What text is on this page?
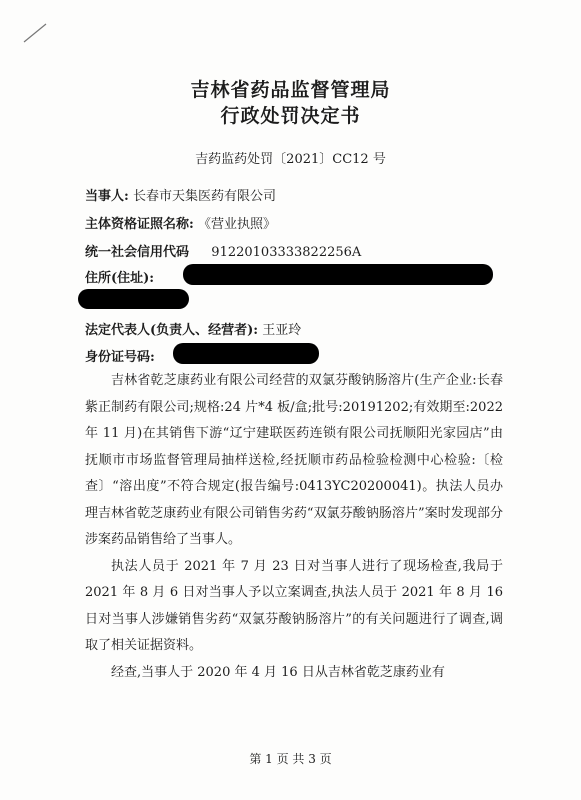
吉林省药品监督管理局
行政处罚决定书
吉药监药处罚〔2021〕CC12 号
当事人: 长春市天集医药有限公司
主体资格证照名称: 《营业执照》
统一社会信用代码 91220103333822256A
住所(住址):
法定代表人(负责人、经营者): 王亚玲
身份证号码:

吉林省乾芝康药业有限公司经营的双氯芬酸钠肠溶片(生产企业:长春紫正制药有限公司;规格:24 片*4 板/盒;批号:20191202;有效期至:2022 年 11 月)在其销售下游“辽宁建联医药连锁有限公司抚顺阳光家园店”由抚顺市市场监督管理局抽样送检,经抚顺市药品检验检测中心检验:〔检查〕“溶出度”不符合规定(报告编号:0413YC20200041)。执法人员办理吉林省乾芝康药业有限公司销售劣药“双氯芬酸钠肠溶片”案时发现部分涉案药品销售给了当事人。

执法人员于 2021 年 7 月 23 日对当事人进行了现场检查,我局于 2021 年 8 月 6 日对当事人予以立案调查,执法人员于 2021 年 8 月 16 日对当事人涉嫌销售劣药“双氯芬酸钠肠溶片”的有关问题进行了调查,调取了相关证据资料。

经查,当事人于 2020 年 4 月 16 日从吉林省乾芝康药业有

第 1 页 共 3 页
